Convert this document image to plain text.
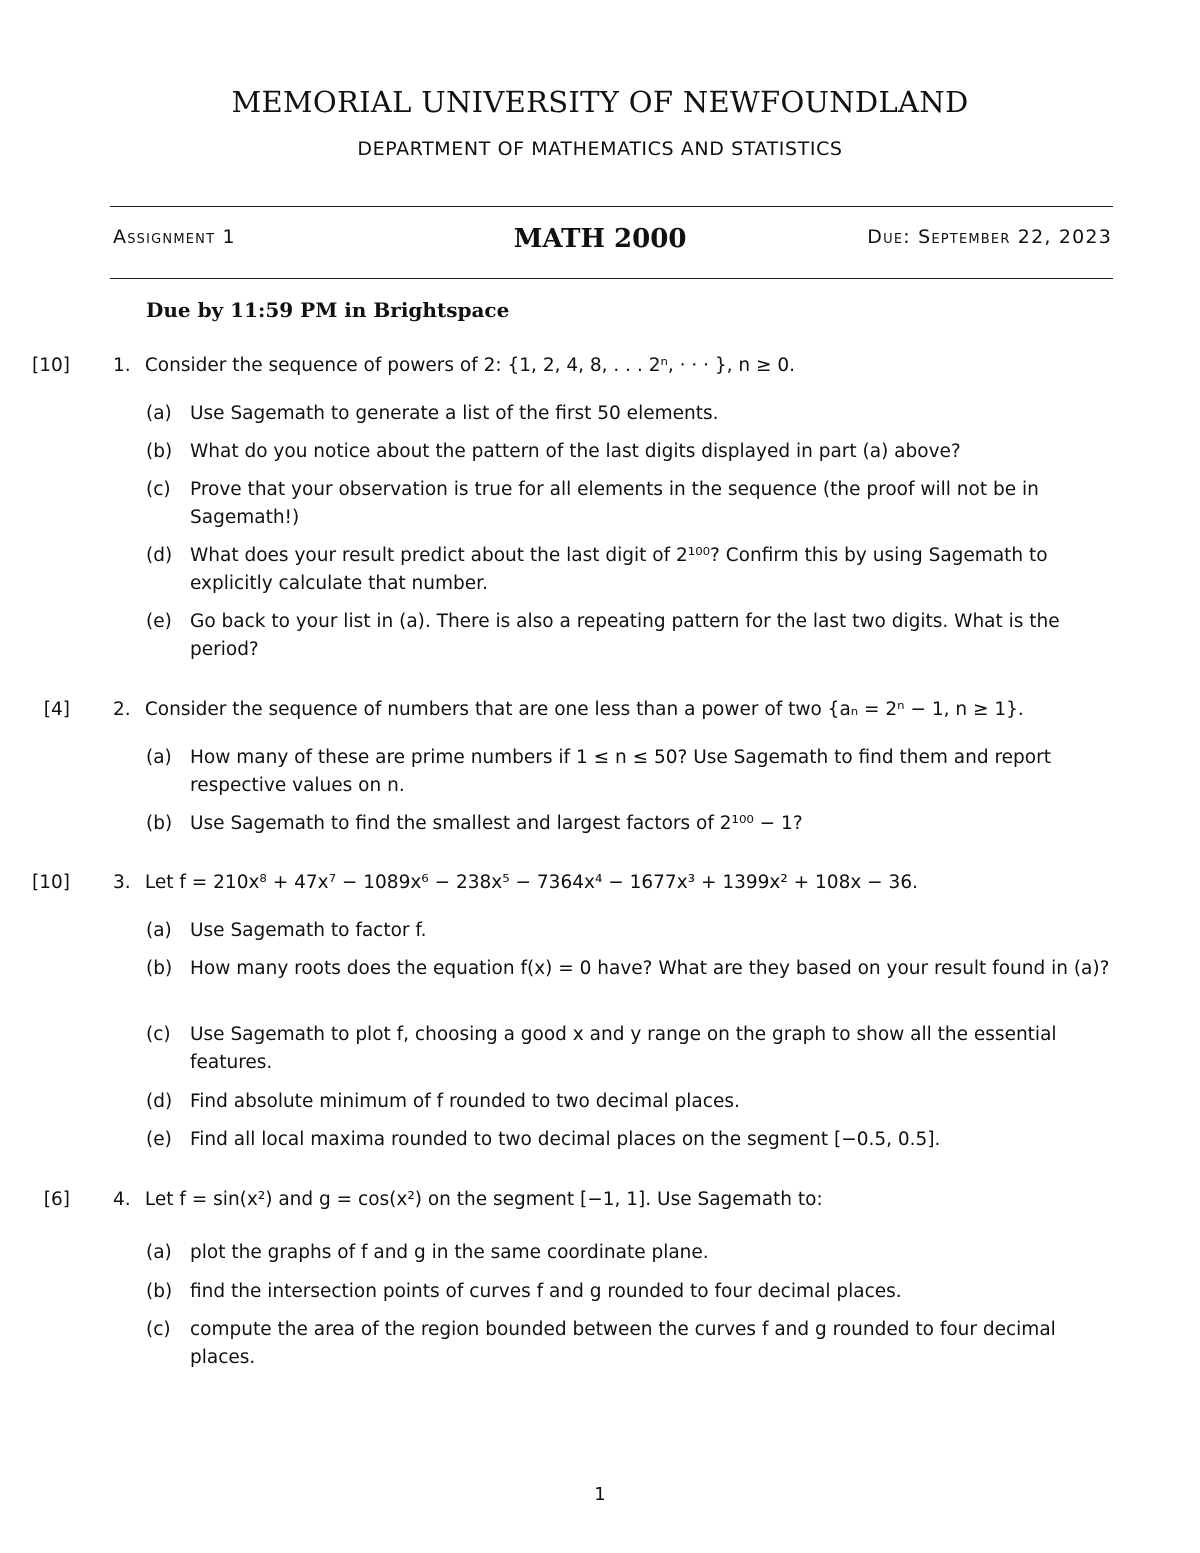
MEMORIAL UNIVERSITY OF NEWFOUNDLAND
DEPARTMENT OF MATHEMATICS AND STATISTICS
Assignment 1	MATH 2000	Due: September 22, 2023
Due by 11:59 PM in Brightspace
[10] 1. Consider the sequence of powers of 2: {1, 2, 4, 8, . . . 2ⁿ, · · · }, n ≥ 0.
(a) Use Sagemath to generate a list of the first 50 elements.
(b) What do you notice about the pattern of the last digits displayed in part (a) above?
(c)	Prove that your observation is true for all elements in the sequence (the proof will not be in Sagemath!)
(d) What does your result predict about the last digit of 2¹⁰⁰? Confirm this by using Sagemath to explicitly calculate that number.
(e) Go back to your list in (a). There is also a repeating pattern for the last two digits. What is the period?
[4] 2. Consider the sequence of numbers that are one less than a power of two {aₙ = 2ⁿ − 1, n ≥ 1}.
(a) How many of these are prime numbers if 1 ≤ n ≤ 50? Use Sagemath to find them and report respective values on n.
(b) Use Sagemath to find the smallest and largest factors of 2¹⁰⁰ − 1?
[10] 3. Let f = 210x⁸ + 47x⁷ − 1089x⁶ − 238x⁵ − 7364x⁴ − 1677x³ + 1399x² + 108x − 36.
(a) Use Sagemath to factor f.
(b) How many roots does the equation f(x) = 0 have? What are they based on your result found in (a)?
(c)	Use Sagemath to plot f, choosing a good x and y range on the graph to show all the essential features.
(d) Find absolute minimum of f rounded to two decimal places.
(e) Find all local maxima rounded to two decimal places on the segment [−0.5, 0.5].
[6] 4. Let f = sin(x²) and g = cos(x²) on the segment [−1, 1]. Use Sagemath to:
(a) plot the graphs of f and g in the same coordinate plane.
(b) find the intersection points of curves f and g rounded to four decimal places.
(c)	compute the area of the region bounded between the curves f and g rounded to four decimal places.
1
